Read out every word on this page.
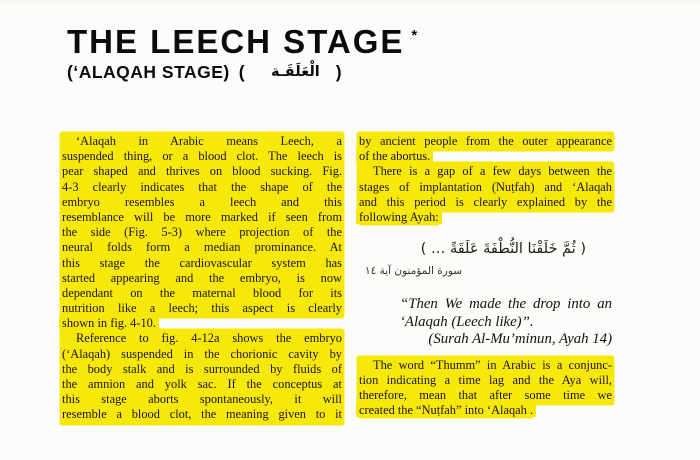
THE LEECH STAGE *
(‘ALAQAH STAGE) ( الْعَلَقَـة )
‘Alaqah in Arabic means Leech, a
suspended thing, or a blood clot. The leech is
pear shaped and thrives on blood sucking. Fig.
4-3 clearly indicates that the shape of the
embryo resembles a leech and this
resemblance will be more marked if seen from
the side (Fig. 5-3) where projection of the
neural folds form a median prominance. At
this stage the cardiovascular system has
started appearing and the embryo, is now
dependant on the maternal blood for its
nutrition like a leech; this aspect is clearly
shown in fig. 4-10.
Reference to fig. 4-12a shows the embryo
(‘Alaqah) suspended in the chorionic cavity by
the body stalk and is surrounded by fluids of
the amnion and yolk sac. If the conceptus at
this stage aborts spontaneously, it will
resemble a blood clot, the meaning given to it
by ancient people from the outer appearance
of the abortus.
There is a gap of a few days between the
stages of implantation (Nuṭfah) and ‘Alaqah
and this period is clearly explained by the
following Ayah:
( ثُمَّ خَلَقْنَا النُّطْفَةَ عَلَقَةً … )
سورة المؤمنون آية ١٤
“Then We made the drop into an
‘Alaqah (Leech like)”.
(Surah Al-Mu’minun, Ayah 14)
The word “Thumm” in Arabic is a conjunc-
tion indicating a time lag and the Aya will,
therefore, mean that after some time we
created the “Nuṭfah” into ‘Alaqah .
